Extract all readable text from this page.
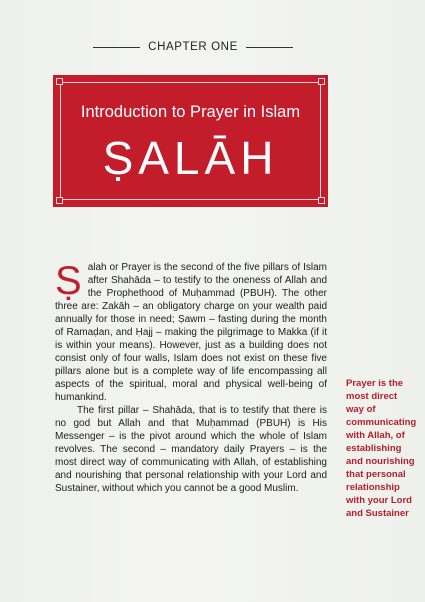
CHAPTER ONE
Introduction to Prayer in Islam
ṢALĀH

Ṣalah or Prayer is the second of the five pillars of Islam after Shahāda – to testify to the oneness of Allah and the Prophethood of Muḥammad (PBUH). The other three are: Zakāh – an obligatory charge on your wealth paid annually for those in need; Ṣawm – fasting during the month of Ramaḍan, and Ḥajj – making the pilgrimage to Makka (if it is within your means). However, just as a building does not consist only of four walls, Islam does not exist on these five pillars alone but is a complete way of life encompassing all aspects of the spiritual, moral and physical well-being of humankind.

The first pillar – Shahāda, that is to testify that there is no god but Allah and that Muḥammad (PBUH) is His Messenger – is the pivot around which the whole of Islam revolves. The second – mandatory daily Prayers – is the most direct way of communicating with Allah, of establishing and nourishing that personal relationship with your Lord and Sustainer, without which you cannot be a good Muslim.

Prayer is the most direct way of communicating with Allah, of establishing and nourishing that personal relationship with your Lord and Sustainer
